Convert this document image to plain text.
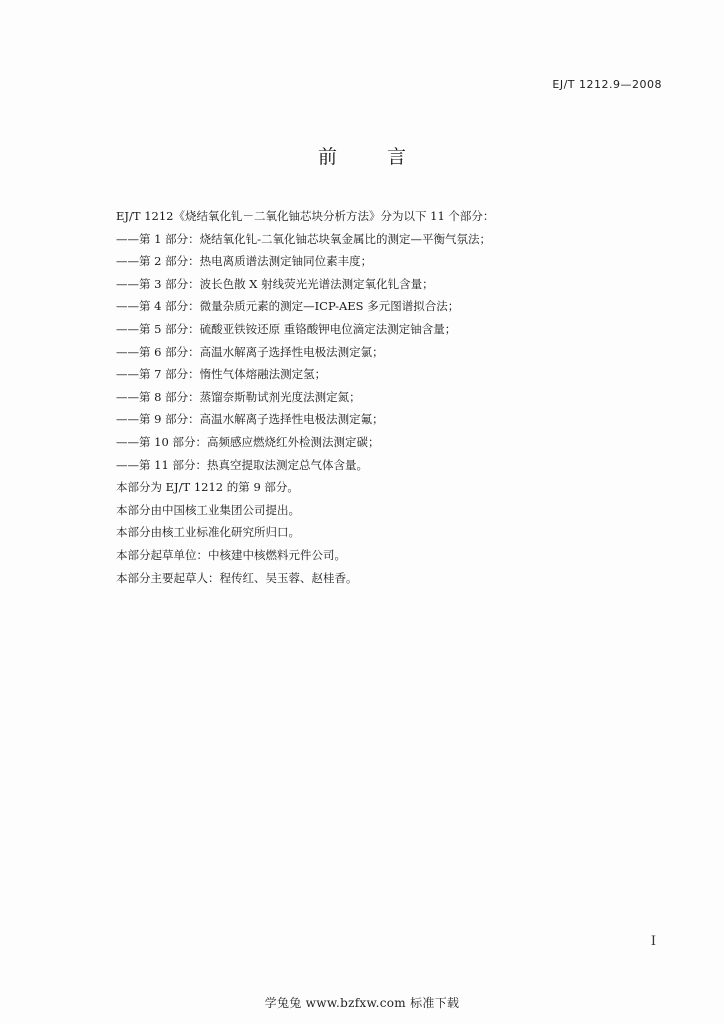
EJ/T 1212.9—2008
前 言
EJ/T 1212《烧结氧化钆－二氧化铀芯块分析方法》分为以下 11 个部分：
——第 1 部分：烧结氧化钆-二氧化铀芯块氧金属比的测定—平衡气氛法；
——第 2 部分：热电离质谱法测定铀同位素丰度；
——第 3 部分：波长色散 X 射线荧光光谱法测定氧化钆含量；
——第 4 部分：微量杂质元素的测定—ICP-AES 多元图谱拟合法；
——第 5 部分：硫酸亚铁铵还原 重铬酸钾电位滴定法测定铀含量；
——第 6 部分：高温水解离子选择性电极法测定氯；
——第 7 部分：惰性气体熔融法测定氢；
——第 8 部分：蒸馏奈斯勒试剂光度法测定氮；
——第 9 部分：高温水解离子选择性电极法测定氟；
——第 10 部分：高频感应燃烧红外检测法测定碳；
——第 11 部分：热真空提取法测定总气体含量。
本部分为 EJ/T 1212 的第 9 部分。
本部分由中国核工业集团公司提出。
本部分由核工业标准化研究所归口。
本部分起草单位：中核建中核燃料元件公司。
本部分主要起草人：程传红、吴玉蓉、赵桂香。
I
学兔兔 www.bzfxw.com 标准下载
